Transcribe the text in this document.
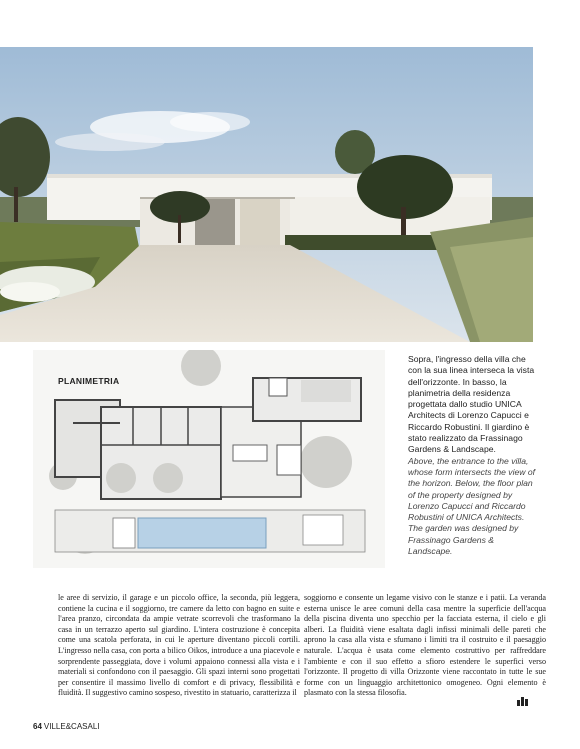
PLANIMETRIA
Sopra, l'ingresso della villa che con la sua linea interseca la vista dell'orizzonte. In basso, la planimetria della residenza progettata dallo studio UNICA Architects di Lorenzo Capucci e Riccardo Robustini. Il giardino è stato realizzato da Frassinago Gardens & Landscape.
Above, the entrance to the villa, whose form intersects the view of the horizon. Below, the floor plan of the property designed by Lorenzo Capucci and Riccardo Robustini of UNICA Architects. The garden was designed by Frassinago Gardens & Landscape.
le aree di servizio, il garage e un piccolo office, la seconda, più leggera, contiene la cucina e il soggiorno, tre camere da letto con bagno en suite e l'area pranzo, circondata da ampie vetrate scorrevoli che trasformano la casa in un terrazzo aperto sul giardino. L'intera costruzione è concepita come una scatola perforata, in cui le aperture diventano piccoli cortili. L'ingresso nella casa, con porta a bilico Oikos, introduce a una piacevole e sorprendente passeggiata, dove i volumi appaiono connessi alla vista e i materiali si confondono con il paesaggio. Gli spazi interni sono progettati per consentire il massimo livello di comfort e di privacy, flessibilità e fluidità. Il suggestivo camino sospeso, rivestito in statuario, caratterizza il
soggiorno e consente un legame visivo con le stanze e i patii. La veranda esterna unisce le aree comuni della casa mentre la superficie dell'acqua della piscina diventa uno specchio per la facciata esterna, il cielo e gli alberi. La fluidità viene esaltata dagli infissi minimali delle pareti che aprono la casa alla vista e sfumano i limiti tra il costruito e il paesaggio naturale. L'acqua è usata come elemento costruttivo per raffreddare l'ambiente e con il suo effetto a sfioro estendere le superfici verso l'orizzonte. Il progetto di villa Orizzonte viene raccontato in tutte le sue forme con un linguaggio architettonico omogeneo. Ogni elemento è plasmato con la stessa filosofia.
64 VILLE&CASALI
